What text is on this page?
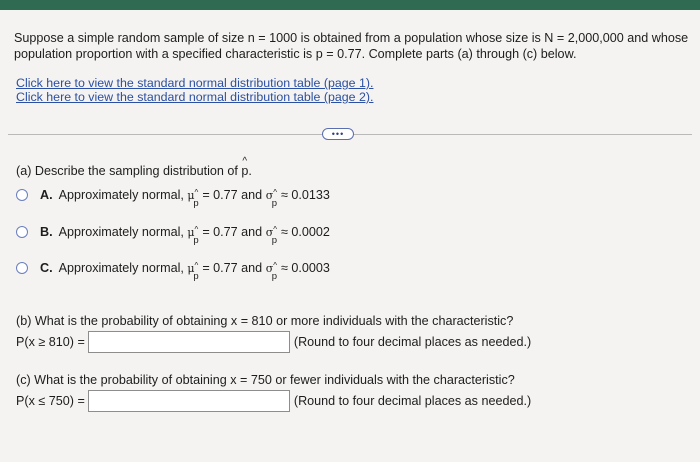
Suppose a simple random sample of size n = 1000 is obtained from a population whose size is N = 2,000,000 and whose
population proportion with a specified characteristic is p = 0.77. Complete parts (a) through (c) below.
Click here to view the standard normal distribution table (page 1).
Click here to view the standard normal distribution table (page 2).
•••
(a) Describe the sampling distribution of
^
p.
A. Approximately normal,
μ^
p
= 0.77 and
σ^
p
≈ 0.0133
B. Approximately normal,
μ^
p
= 0.77 and
σ^
p
≈ 0.0002
C. Approximately normal,
μ^
p
= 0.77 and
σ^
p
≈ 0.0003
(b) What is the probability of obtaining x = 810 or more individuals with the characteristic?
P(x ≥ 810) =	(Round to four decimal places as needed.)
(c) What is the probability of obtaining x = 750 or fewer individuals with the characteristic?
P(x ≤ 750) =	(Round to four decimal places as needed.)
